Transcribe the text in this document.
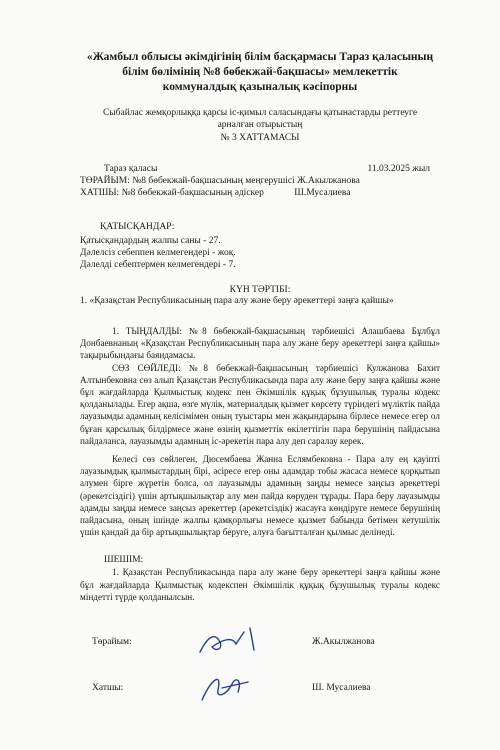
«Жамбыл облысы әкімдігінің білім басқармасы Тараз қаласының білім бөлімінің №8 бөбекжай-бақшасы» мемлекеттік коммуналдық қазыналық кәсіпорны
Сыбайлас жемқорлыққа қарсы іс-қимыл саласындағы қатынастарды реттеуге
арналған отырыстың
№ 3 ХАТТАМАСЫ
Тараз қаласы	11.03.2025 жыл
ТӨРАЙЫМ: №8 бөбекжай-бақшасының меңгерушісі Ж.Акылжанова
ХАТШЫ: №8 бөбекжай-бақшасының әдіскер	Ш.Мусалиева
ҚАТЫСҚАНДАР:
Қатысқандардың жалпы саны - 27.
Дәлелсіз себеппен келмегендері - жоқ.
Дәлелді себептермен келмегендері - 7.
КҮН ТӘРТІБІ:
1. «Қазақстан Республикасының пара алу және беру әрекеттері заңға қайшы»
1. ТЫҢДАЛДЫ: №8 бөбекжай-бақшасының тәрбиешісі Алашбаева Бұлбұл Донбаевнаның «Қазақстан Республикасының пара алу және беру әрекеттері заңға қайшы» тақырыбындағы баяндамасы.
СӨЗ СӨЙЛЕДІ: №8 бөбекжай-бақшасының тәрбиешісі Кулжанова Бахит Алтынбековна сөз алып Қазақстан Республикасында пара алу және беру заңға қайшы және бұл жағдайларда Қылмыстық кодекс пен Әкімшілік құқық бұзушылық туралы кодекс қолданылады. Егер ақша, өзге мүлік, материалдық қызмет көрсету түріндегі мүліктік пайда лауазымды адамның келісімімен оның туыстары мен жақындарына бірлесе немесе егер ол бұған қарсылық білдірмесе және өзінің қызметтік өкілеттігін пара берушінің пайдасына пайдаланса, лауазымды адамның іс-әрекетін пара алу деп саралау керек.
Келесі сөз сөйлеген, Дюсембаева Жанна Еслямбековна - Пара алу ең қауіпті лауазымдық қылмыстардың бірі, әсіресе егер оны адамдар тобы жасаса немесе қорқытып алумен бірге жүретін болса, ол лауазымды адамның заңды немесе заңсыз әрекеттері (әрекетсіздігі) үшін артықшылықтар алу мен пайда көруден тұрады. Пара беру лауазымды адамды заңды немесе заңсыз әрекеттер (әрекетсіздік) жасауға көндіруге немесе берушінің пайдасына, оның ішінде жалпы қамқорлығы немесе қызмет бабында бетімен кетушілік үшін қандай да бір артықшылықтар беруге, алуға бағытталған қылмыс делінеді.
ШЕШІМ:
1. Қазақстан Республикасында пара алу және беру әрекеттері заңға қайшы және бұл жағдайларда Қылмыстық кодекспен Әкімшілік құқық бұзушылық туралы кодекс міндетті түрде қолданылсын.
Төрайым:	Ж.Акылжанова
Хатшы:	Ш. Мусалиева
